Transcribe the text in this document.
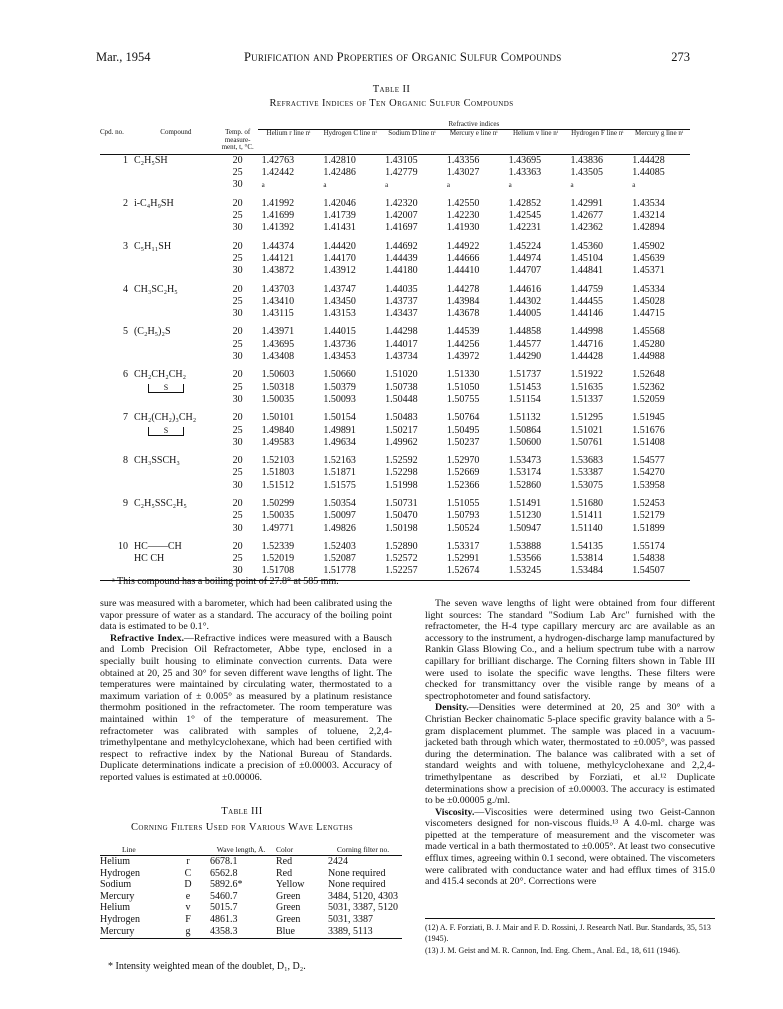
Mar., 1954	Purification and Properties of Organic Sulfur Compounds	273
Table II
Refractive Indices of Ten Organic Sulfur Compounds
			Refractive indices						
Cpd. no.	Compound	Temp. of measure-ment, t, °C.	Helium r line nᵗ	Hydrogen C line nᵗ	Sodium D line nᵗ	Mercury e line nᵗ	Helium v line nᵗ	Hydrogen F line nᵗ	Mercury g line nᵗ

1	C₂H₅SH	20	1.42763	1.42810	1.43105	1.43356	1.43695	1.43836	1.44428
		25	1.42442	1.42486	1.42779	1.43027	1.43363	1.43505	1.44085
		30	a	a	a	a	a	a	a

2	i-C₄H₉SH	20	1.41992	1.42046	1.42320	1.42550	1.42852	1.42991	1.43534
		25	1.41699	1.41739	1.42007	1.42230	1.42545	1.42677	1.43214
		30	1.41392	1.41431	1.41697	1.41930	1.42231	1.42362	1.42894

3	C₅H₁₁SH	20	1.44374	1.44420	1.44692	1.44922	1.45224	1.45360	1.45902
		25	1.44121	1.44170	1.44439	1.44666	1.44974	1.45104	1.45639
		30	1.43872	1.43912	1.44180	1.44410	1.44707	1.44841	1.45371

4	CH₃SC₂H₅	20	1.43703	1.43747	1.44035	1.44278	1.44616	1.44759	1.45334
		25	1.43410	1.43450	1.43737	1.43984	1.44302	1.44455	1.45028
		30	1.43115	1.43153	1.43437	1.43678	1.44005	1.44146	1.44715

5	(C₂H₅)₂S	20	1.43971	1.44015	1.44298	1.44539	1.44858	1.44998	1.45568
		25	1.43695	1.43736	1.44017	1.44256	1.44577	1.44716	1.45280
		30	1.43408	1.43453	1.43734	1.43972	1.44290	1.44428	1.44988

6	CH₂CH₂CH₂	20	1.50603	1.50660	1.51020	1.51330	1.51737	1.51922	1.52648
	S	25	1.50318	1.50379	1.50738	1.51050	1.51453	1.51635	1.52362
		30	1.50035	1.50093	1.50448	1.50755	1.51154	1.51337	1.52059

7	CH₂(CH₂)₃CH₂	20	1.50101	1.50154	1.50483	1.50764	1.51132	1.51295	1.51945
	S	25	1.49840	1.49891	1.50217	1.50495	1.50864	1.51021	1.51676
		30	1.49583	1.49634	1.49962	1.50237	1.50600	1.50761	1.51408

8	CH₃SSCH₃	20	1.52103	1.52163	1.52592	1.52970	1.53473	1.53683	1.54577
		25	1.51803	1.51871	1.52298	1.52669	1.53174	1.53387	1.54270
		30	1.51512	1.51575	1.51998	1.52366	1.52860	1.53075	1.53958

9	C₂H₅SSC₂H₅	20	1.50299	1.50354	1.50731	1.51055	1.51491	1.51680	1.52453
		25	1.50035	1.50097	1.50470	1.50793	1.51230	1.51411	1.52179
		30	1.49771	1.49826	1.50198	1.50524	1.50947	1.51140	1.51899

10	HC——CH	20	1.52339	1.52403	1.52890	1.53317	1.53888	1.54135	1.55174
	HC CH	25	1.52019	1.52087	1.52572	1.52991	1.53566	1.53814	1.54838
		30	1.51708	1.51778	1.52257	1.52674	1.53245	1.53484	1.54507

ᵃ This compound has a boiling point of 27.8° at 585 mm.

sure was measured with a barometer, which had been calibrated using the vapor pressure of water as a standard. The accuracy of the boiling point data is estimated to be 0.1°.

Refractive Index.—Refractive indices were measured with a Bausch and Lomb Precision Oil Refractometer, Abbe type, enclosed in a specially built housing to eliminate convection currents. Data were obtained at 20, 25 and 30° for seven different wave lengths of light. The temperatures were maintained by circulating water, thermostated to a maximum variation of ± 0.005° as measured by a platinum resistance thermohm positioned in the refractometer. The room temperature was maintained within 1° of the temperature of measurement. The refractometer was calibrated with samples of toluene, 2,2,4-trimethylpentane and methylcyclohexane, which had been certified with respect to refractive index by the National Bureau of Standards. Duplicate determinations indicate a precision of ±0.00003. Accuracy of reported values is estimated at ±0.00006.

Table III
Corning Filters Used for Various Wave Lengths
Line		Wave length, Å.	Color	Corning filter no.

Helium	r	6678.1	Red	2424
Hydrogen	C	6562.8	Red	None required
Sodium	D	5892.6*	Yellow	None required
Mercury	e	5460.7	Green	3484, 5120, 4303
Helium	v	5015.7	Green	5031, 3387, 5120
Hydrogen	F	4861.3	Green	5031, 3387
Mercury	g	4358.3	Blue	3389, 5113

* Intensity weighted mean of the doublet, D₁, D₂.

The seven wave lengths of light were obtained from four different light sources: The standard "Sodium Lab Arc" furnished with the refractometer, the H-4 type capillary mercury arc are available as an accessory to the instrument, a hydrogen-discharge lamp manufactured by Rankin Glass Blowing Co., and a helium spectrum tube with a narrow capillary for brilliant discharge. The Corning filters shown in Table III were used to isolate the specific wave lengths. These filters were checked for transmittancy over the visible range by means of a spectrophotometer and found satisfactory.

Density.—Densities were determined at 20, 25 and 30° with a Christian Becker chainomatic 5-place specific gravity balance with a 5-gram displacement plummet. The sample was placed in a vacuum-jacketed bath through which water, thermostated to ±0.005°, was passed during the determination. The balance was calibrated with a set of standard weights and with toluene, methylcyclohexane and 2,2,4-trimethylpentane as described by Forziati, et al.¹² Duplicate determinations show a precision of ±0.00003. The accuracy is estimated to be ±0.00005 g./ml.

Viscosity.—Viscosities were determined using two Geist-Cannon viscometers designed for non-viscous fluids.¹³ A 4.0-ml. charge was pipetted at the temperature of measurement and the viscometer was made vertical in a bath thermostated to ±0.005°. At least two consecutive efflux times, agreeing within 0.1 second, were obtained. The viscometers were calibrated with conductance water and had efflux times of 315.0 and 415.4 seconds at 20°. Corrections were

(12) A. F. Forziati, B. J. Mair and F. D. Rossini, J. Research Natl. Bur. Standards, 35, 513 (1945).

(13) J. M. Geist and M. R. Cannon, Ind. Eng. Chem., Anal. Ed., 18, 611 (1946).
